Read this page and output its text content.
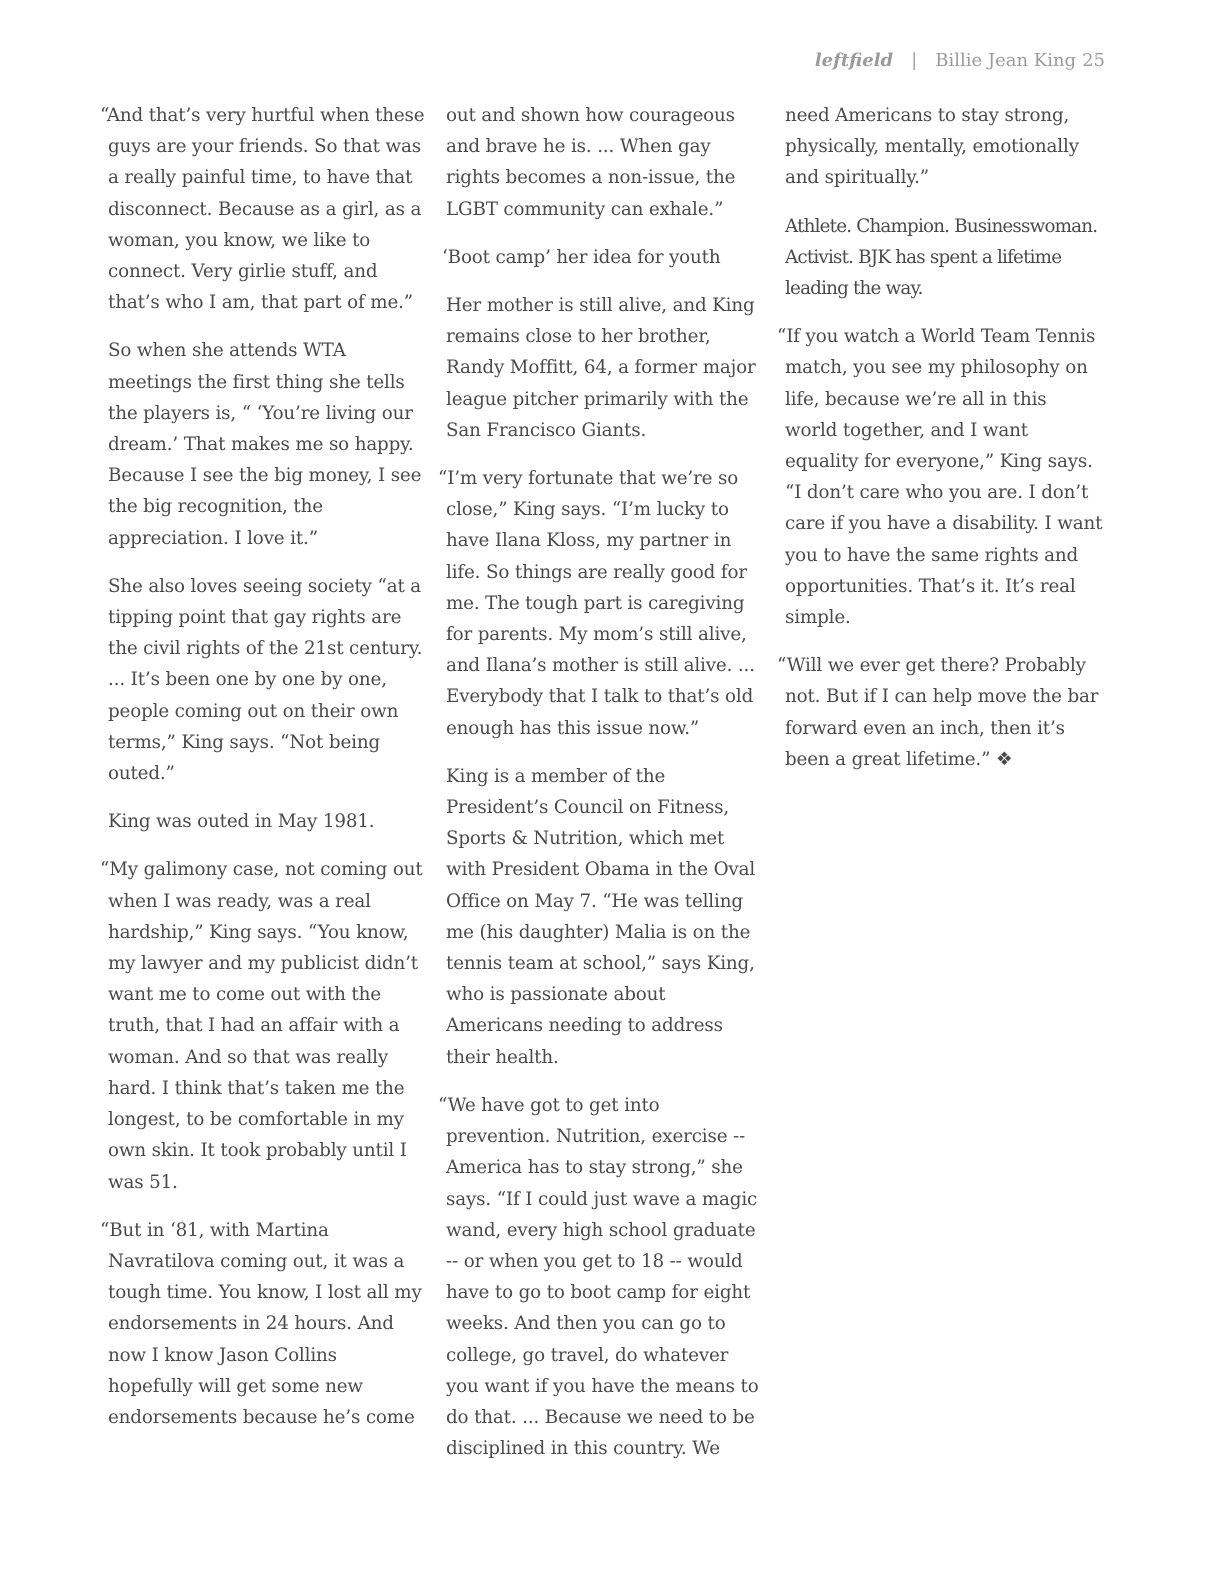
leftfield | Billie Jean King 25

“And that’s very hurtful when these guys are your friends. So that was a really painful time, to have that disconnect. Because as a girl, as a woman, you know, we like to connect. Very girlie stuff, and that’s who I am, that part of me.”

So when she attends WTA meetings the first thing she tells the players is, “ ‘You’re living our dream.’ That makes me so happy. Because I see the big money, I see the big recognition, the appreciation. I love it.”

She also loves seeing society “at a tipping point that gay rights are the civil rights of the 21st century. ... It’s been one by one by one, people coming out on their own terms,” King says. “Not being outed.”

King was outed in May 1981.

“My galimony case, not coming out when I was ready, was a real hardship,” King says. “You know, my lawyer and my publicist didn’t want me to come out with the truth, that I had an affair with a woman. And so that was really hard. I think that’s taken me the longest, to be comfortable in my own skin. It took probably until I was 51.

“But in ‘81, with Martina Navratilova coming out, it was a tough time. You know, I lost all my endorsements in 24 hours. And now I know Jason Collins hopefully will get some new endorsements because he’s come

out and shown how courageous and brave he is. ... When gay rights becomes a non-issue, the LGBT community can exhale.”

‘Boot camp’ her idea for youth

Her mother is still alive, and King remains close to her brother, Randy Moffitt, 64, a former major league pitcher primarily with the San Francisco Giants.

“I’m very fortunate that we’re so close,” King says. “I’m lucky to have Ilana Kloss, my partner in life. So things are really good for me. The tough part is caregiving for parents. My mom’s still alive, and Ilana’s mother is still alive. ... Everybody that I talk to that’s old enough has this issue now.”

King is a member of the President’s Council on Fitness, Sports & Nutrition, which met with President Obama in the Oval Office on May 7. “He was telling me (his daughter) Malia is on the tennis team at school,” says King, who is passionate about Americans needing to address their health.

“We have got to get into prevention. Nutrition, exercise -- America has to stay strong,” she says. “If I could just wave a magic wand, every high school graduate -- or when you get to 18 -- would have to go to boot camp for eight weeks. And then you can go to college, go travel, do whatever you want if you have the means to do that. ... Because we need to be disciplined in this country. We

need Americans to stay strong, physically, mentally, emotionally and spiritually.”

Athlete. Champion. Businesswoman. Activist. BJK has spent a lifetime leading the way.

“If you watch a World Team Tennis match, you see my philosophy on life, because we’re all in this world together, and I want equality for everyone,” King says. “I don’t care who you are. I don’t care if you have a disability. I want you to have the same rights and opportunities. That’s it. It’s real simple.

“Will we ever get there? Probably not. But if I can help move the bar forward even an inch, then it’s been a great lifetime.” ❖
